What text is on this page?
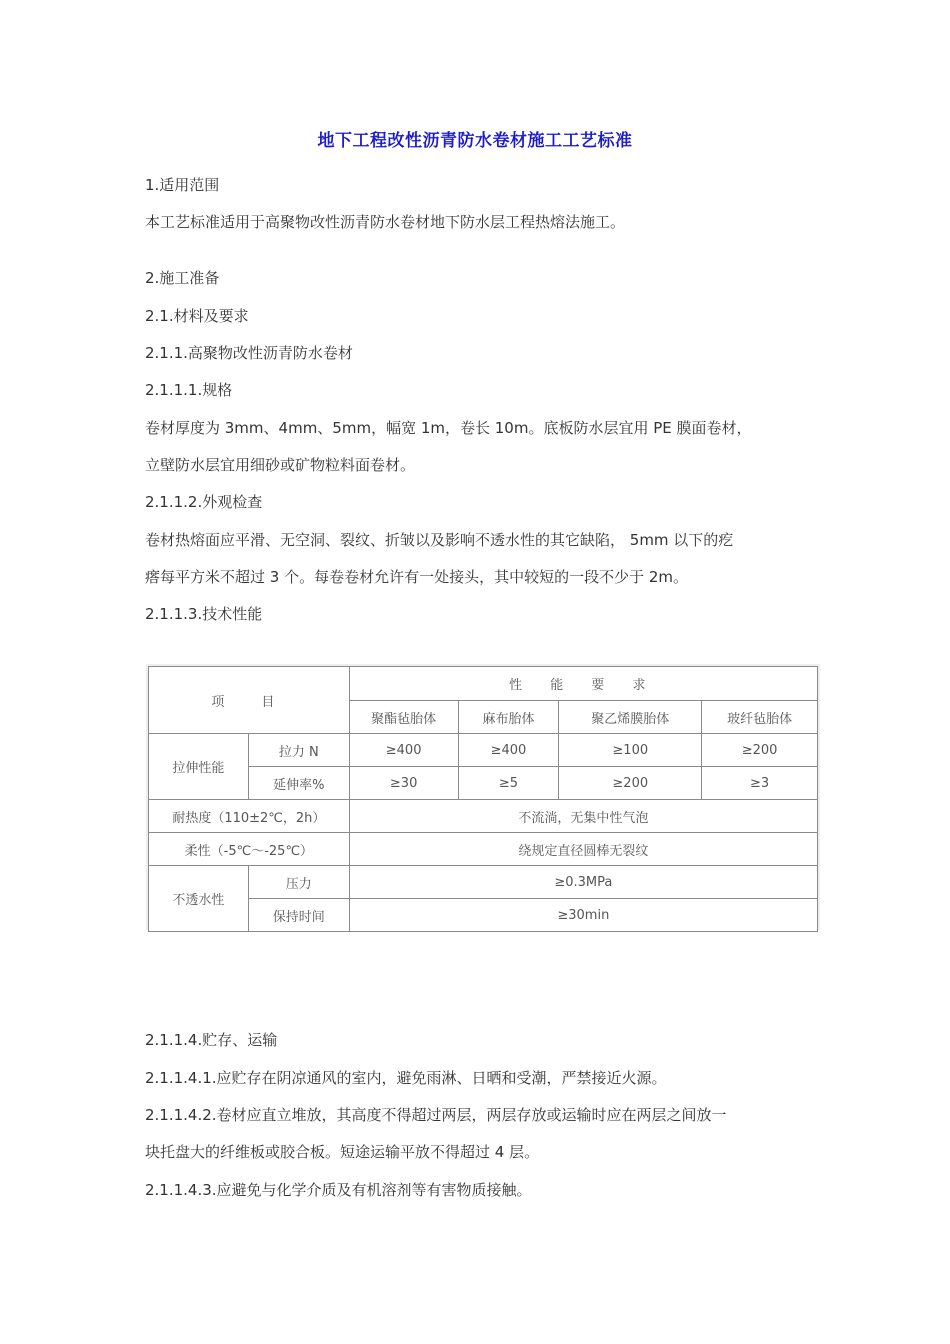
地下工程改性沥青防水卷材施工工艺标准
1.适用范围
本工艺标准适用于高聚物改性沥青防水卷材地下防水层工程热熔法施工。
2.施工准备
2.1.材料及要求
2.1.1.高聚物改性沥青防水卷材
2.1.1.1.规格
卷材厚度为 3mm、4mm、5mm，幅宽 1m，卷长 10m。底板防水层宜用 PE 膜面卷材，
立壁防水层宜用细砂或矿物粒料面卷材。
2.1.1.2.外观检查
卷材热熔面应平滑、无空洞、裂纹、折皱以及影响不透水性的其它缺陷， 5mm 以下的疙
瘩每平方米不超过 3 个。每卷卷材允许有一处接头，其中较短的一段不少于 2m。
2.1.1.3.技术性能
项　目		性 能 要 求			
		聚酯毡胎体	麻布胎体	聚乙烯膜胎体	玻纤毡胎体
拉伸性能	拉力 N	≥400	≥400	≥100	≥200
	延伸率%	≥30	≥5	≥200	≥3
耐热度（110±2℃，2h）		不流淌，无集中性气泡			
柔性（-5℃～-25℃）		绕规定直径圆棒无裂纹			
不透水性	压力	≥0.3MPa			
	保持时间	≥30min			
2.1.1.4.贮存、运输
2.1.1.4.1.应贮存在阴凉通风的室内，避免雨淋、日晒和受潮，严禁接近火源。
2.1.1.4.2.卷材应直立堆放，其高度不得超过两层，两层存放或运输时应在两层之间放一
块托盘大的纤维板或胶合板。短途运输平放不得超过 4 层。
2.1.1.4.3.应避免与化学介质及有机溶剂等有害物质接触。
